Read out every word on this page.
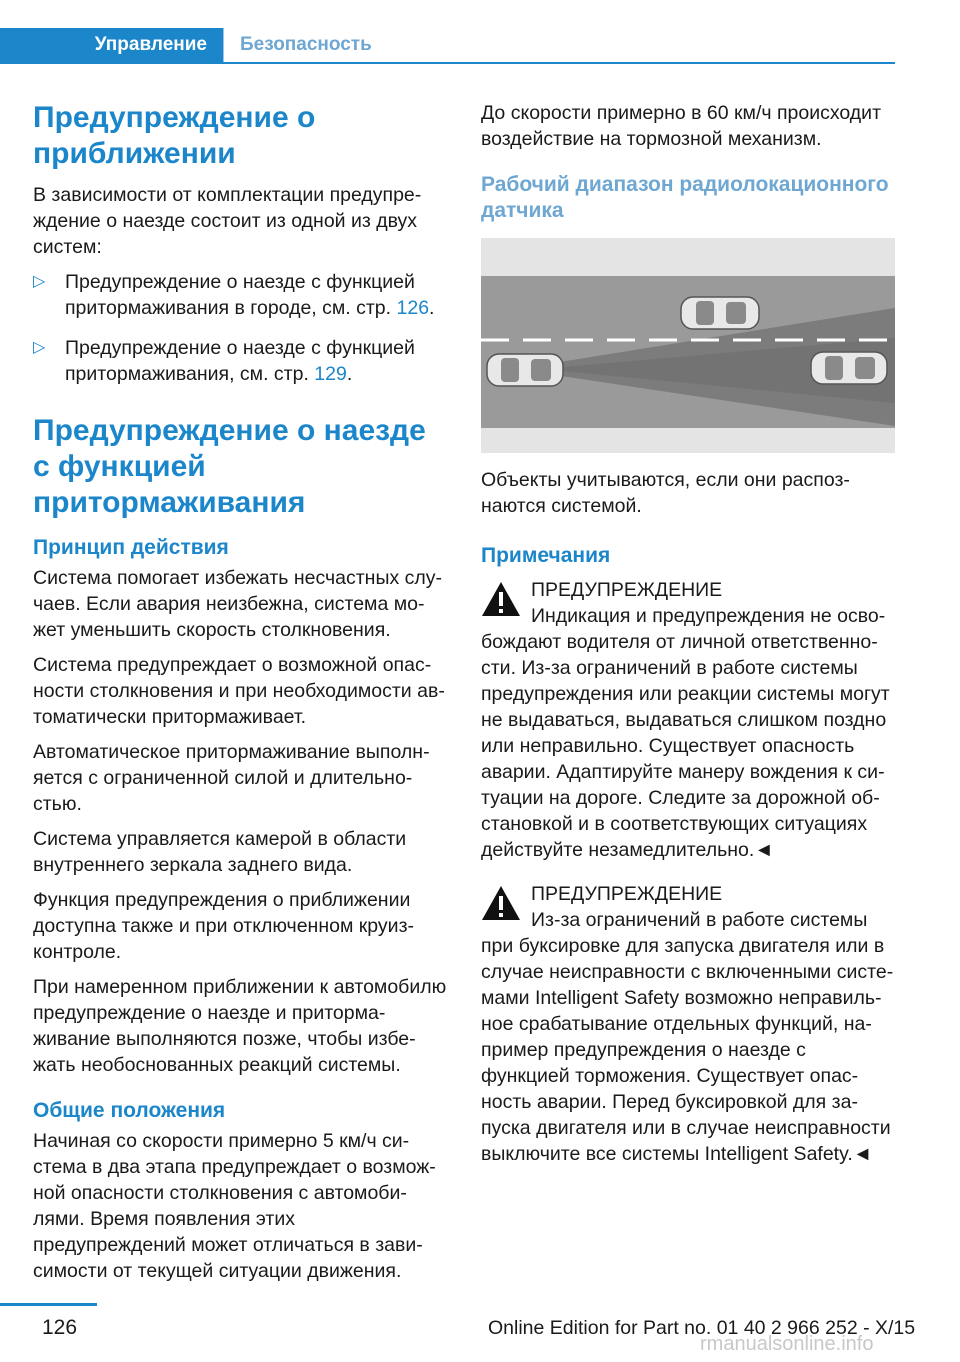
Управление	Безопасность
Предупреждение о приближении

В зависимости от комплектации предупреждение о наезде состоит из одной из двух систем:

▷ Предупреждение о наезде с функцией притормаживания в городе, см. стр. 126.
▷ Предупреждение о наезде с функцией притормаживания, см. стр. 129.
Предупреждение о наезде с функцией притормаживания
Принцип действия

Система помогает избежать несчастных случаев. Если авария неизбежна, система может уменьшить скорость столкновения.

Система предупреждает о возможной опасности столкновения и при необходимости автоматически притормаживает.

Автоматическое притормаживание выполняется с ограниченной силой и длительностью.

Система управляется камерой в области внутреннего зеркала заднего вида.

Функция предупреждения о приближении доступна также и при отключенном круиз-контроле.

При намеренном приближении к автомобилю предупреждение о наезде и притормaживание выполняются позже, чтобы избежать необоснованных реакций системы.

Общие положения

Начиная со скорости примерно 5 км/ч система в два этапа предупреждает о возможной опасности столкновения с автомобилями. Время появления этих предупреждений может отличаться в зависимости от текущей ситуации движения.

До скорости примерно в 60 км/ч происходит воздействие на тормозной механизм.

Рабочий диапазон радиолокационного датчика

Объекты учитываются, если они распознаются системой.

Примечания
ПРЕДУПРЕЖДЕНИЕ
Индикация и предупреждения не освобождают водителя от личной ответственности. Из-за ограничений в работе системы предупреждения или реакции системы могут не выдаваться, выдаваться слишком поздно или неправильно. Существует опасность аварии. Адаптируйте манеру вождения к ситуации на дороге. Следите за дорожной обстановкой и в соответствующих ситуациях действуйте незамедлительно.◄
ПРЕДУПРЕЖДЕНИЕ
Из-за ограничений в работе системы при буксировке для запуска двигателя или в случае неисправности с включенными системами Intelligent Safety возможно неправильное срабатывание отдельных функций, например предупреждения о наезде с функцией торможения. Существует опасность аварии. Перед буксировкой для запуска двигателя или в случае неисправности выключите все системы Intelligent Safety.◄
126	Online Edition for Part no. 01 40 2 966 252 - X/15
rmanualsonline.info
